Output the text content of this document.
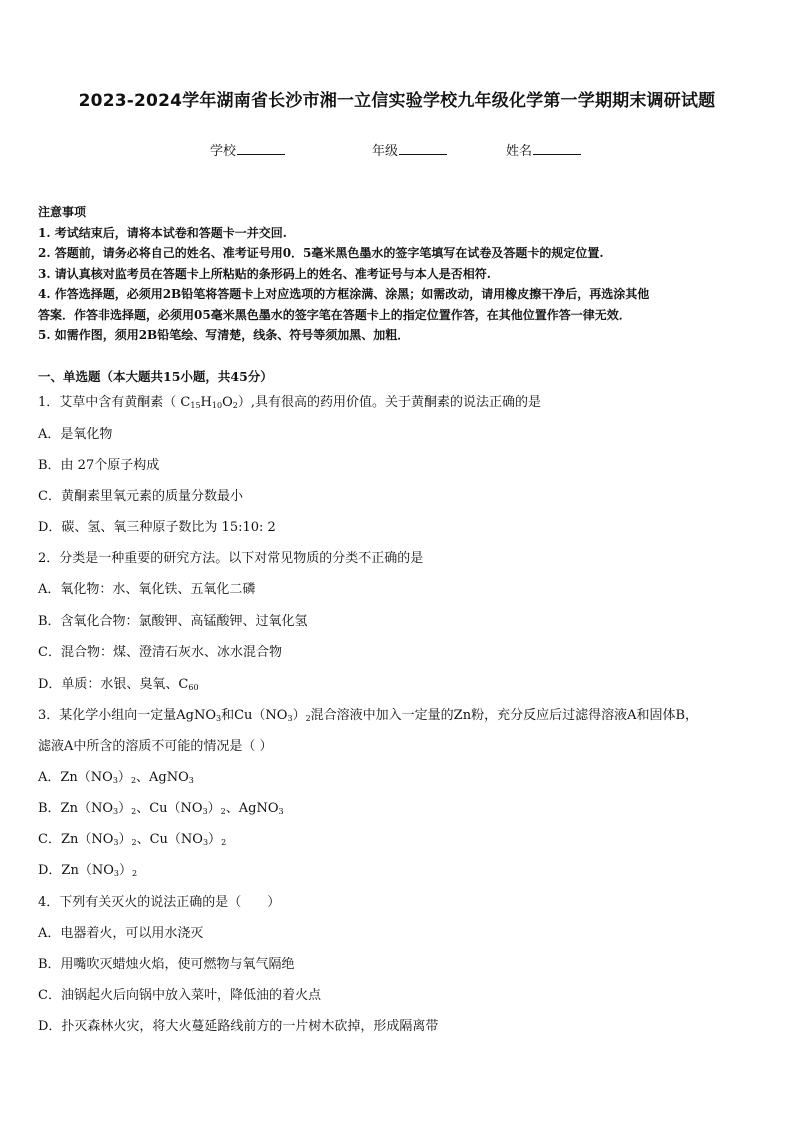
2023-2024学年湖南省长沙市湘一立信实验学校九年级化学第一学期期末调研试题
学校	年级	姓名
注意事项
1. 考试结束后，请将本试卷和答题卡一并交回.
2. 答题前，请务必将自己的姓名、准考证号用0．5毫米黑色墨水的签字笔填写在试卷及答题卡的规定位置.
3. 请认真核对监考员在答题卡上所粘贴的条形码上的姓名、准考证号与本人是否相符.
4. 作答选择题，必须用2B铅笔将答题卡上对应选项的方框涂满、涂黑；如需改动，请用橡皮擦干净后，再选涂其他
答案．作答非选择题，必须用05毫米黑色墨水的签字笔在答题卡上的指定位置作答，在其他位置作答一律无效．
5. 如需作图，须用2B铅笔绘、写清楚，线条、符号等须加黑、加粗．
一、单选题（本大题共15小题，共45分）
1．艾草中含有黄酮素（ $C_{15}H_{10}O_2$）,具有很高的药用价值。关于黄酮素的说法正确的是
A．是氧化物
B．由 27个原子构成
C．黄酮素里氧元素的质量分数最小
D．碳、氢、氧三种原子数比为 15:10: 2
2．分类是一种重要的研究方法。以下对常见物质的分类不正确的是
A．氧化物：水、氧化铁、五氧化二磷
B．含氧化合物：氯酸钾、高锰酸钾、过氧化氢
C．混合物：煤、澄清石灰水、冰水混合物
D．单质：水银、臭氧、$C_{60}$
3．某化学小组向一定量AgNO$_3$和$Cu(NO_3)_2$混合溶液中加入一定量的Zn粉，充分反应后过滤得溶液A和固体B，
滤液A中所含的溶质不可能的情况是（ ）
A．$Zn(NO_3)_2$、AgNO$_3$
B．$Zn(NO_3)_2$、$Cu(NO_3)_2$、AgNO$_3$
C．$Zn(NO_3)_2$、$Cu(NO_3)_2$
D．$Zn(NO_3)_2$
4．下列有关灭火的说法正确的是（　　）
A．电器着火，可以用水浇灭
B．用嘴吹灭蜡烛火焰，使可燃物与氧气隔绝
C．油锅起火后向锅中放入菜叶，降低油的着火点
D．扑灭森林火灾，将大火蔓延路线前方的一片树木砍掉，形成隔离带
